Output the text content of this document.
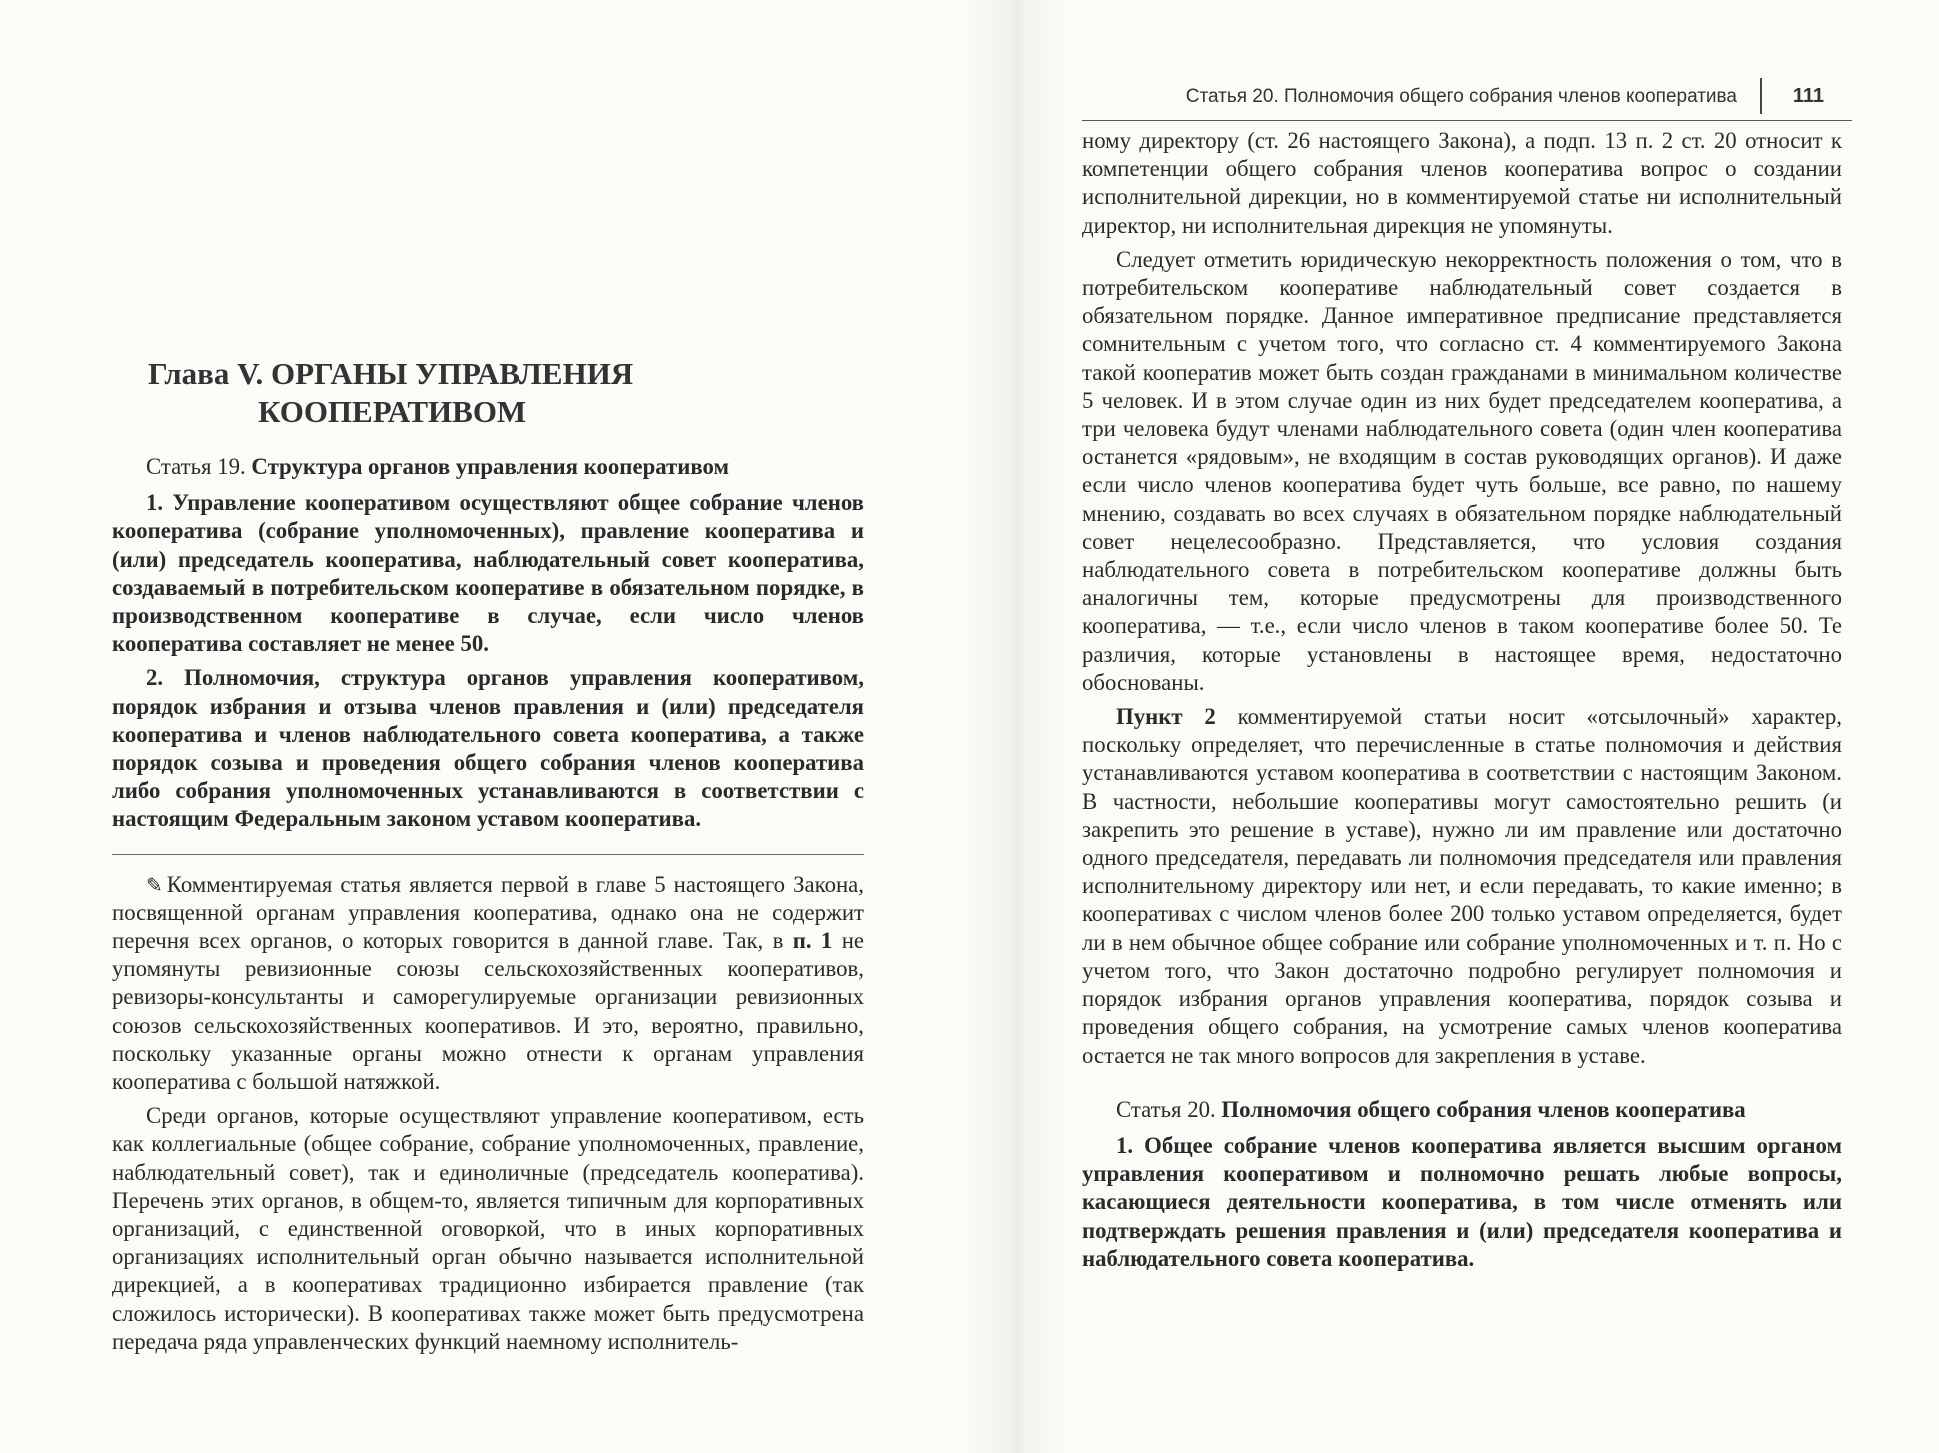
Глава V. ОРГАНЫ УПРАВЛЕНИЯ
КООПЕРАТИВОМ

Статья 19. Структура органов управления кооперативом

1. Управление кооперативом осуществляют общее собрание членов кооператива (собрание уполномоченных), правление кооператива и (или) председатель кооператива, наблюдательный совет кооператива, создаваемый в потребительском кооперативе в обязательном порядке, в производственном кооперативе в случае, если число членов кооператива составляет не менее 50.

2. Полномочия, структура органов управления кооперативом, порядок избрания и отзыва членов правления и (или) председателя кооператива и членов наблюдательного совета кооператива, а также порядок созыва и проведения общего собрания членов кооператива либо собрания уполномоченных устанавливаются в соответствии с настоящим Федеральным законом уставом кооператива.

✎ Комментируемая статья является первой в главе 5 настоящего Закона, посвященной органам управления кооператива, однако она не содержит перечня всех органов, о которых говорится в данной главе. Так, в п. 1 не упомянуты ревизионные союзы сельскохозяйственных кооперативов, ревизоры-консультанты и саморегулируемые организации ревизионных союзов сельскохозяйственных кооперативов. И это, вероятно, правильно, поскольку указанные органы можно отнести к органам управления кооператива с большой натяжкой.

Среди органов, которые осуществляют управление кооперативом, есть как коллегиальные (общее собрание, собрание уполномоченных, правление, наблюдательный совет), так и единоличные (председатель кооператива). Перечень этих органов, в общем-то, является типичным для корпоративных организаций, с единственной оговоркой, что в иных корпоративных организациях исполнительный орган обычно называется исполнительной дирекцией, а в кооперативах традиционно избирается правление (так сложилось исторически). В кооперативах также может быть предусмотрена передача ряда управленческих функций наемному исполнитель-

Статья 20. Полномочия общего собрания членов кооператива	111

ному директору (ст. 26 настоящего Закона), а подп. 13 п. 2 ст. 20 относит к компетенции общего собрания членов кооператива вопрос о создании исполнительной дирекции, но в комментируемой статье ни исполнительный директор, ни исполнительная дирекция не упомянуты.

Следует отметить юридическую некорректность положения о том, что в потребительском кооперативе наблюдательный совет создается в обязательном порядке. Данное императивное предписание представляется сомнительным с учетом того, что согласно ст. 4 комментируемого Закона такой кооператив может быть создан гражданами в минимальном количестве 5 человек. И в этом случае один из них будет председателем кооператива, а три человека будут членами наблюдательного совета (один член кооператива останется «рядовым», не входящим в состав руководящих органов). И даже если число членов кооператива будет чуть больше, все равно, по нашему мнению, создавать во всех случаях в обязательном порядке наблюдательный совет нецелесообразно. Представляется, что условия создания наблюдательного совета в потребительском кооперативе должны быть аналогичны тем, которые предусмотрены для производственного кооператива, — т.е., если число членов в таком кооперативе более 50. Те различия, которые установлены в настоящее время, недостаточно обоснованы.

Пункт 2 комментируемой статьи носит «отсылочный» характер, поскольку определяет, что перечисленные в статье полномочия и действия устанавливаются уставом кооператива в соответствии с настоящим Законом. В частности, небольшие кооперативы могут самостоятельно решить (и закрепить это решение в уставе), нужно ли им правление или достаточно одного председателя, передавать ли полномочия председателя или правления исполнительному директору или нет, и если передавать, то какие именно; в кооперативах с числом членов более 200 только уставом определяется, будет ли в нем обычное общее собрание или собрание уполномоченных и т. п. Но с учетом того, что Закон достаточно подробно регулирует полномочия и порядок избрания органов управления кооператива, порядок созыва и проведения общего собрания, на усмотрение самых членов кооператива остается не так много вопросов для закрепления в уставе.

Статья 20. Полномочия общего собрания членов кооператива

1. Общее собрание членов кооператива является высшим органом управления кооперативом и полномочно решать любые вопросы, касающиеся деятельности кооператива, в том числе отменять или подтверждать решения правления и (или) председателя кооператива и наблюдательного совета кооператива.
